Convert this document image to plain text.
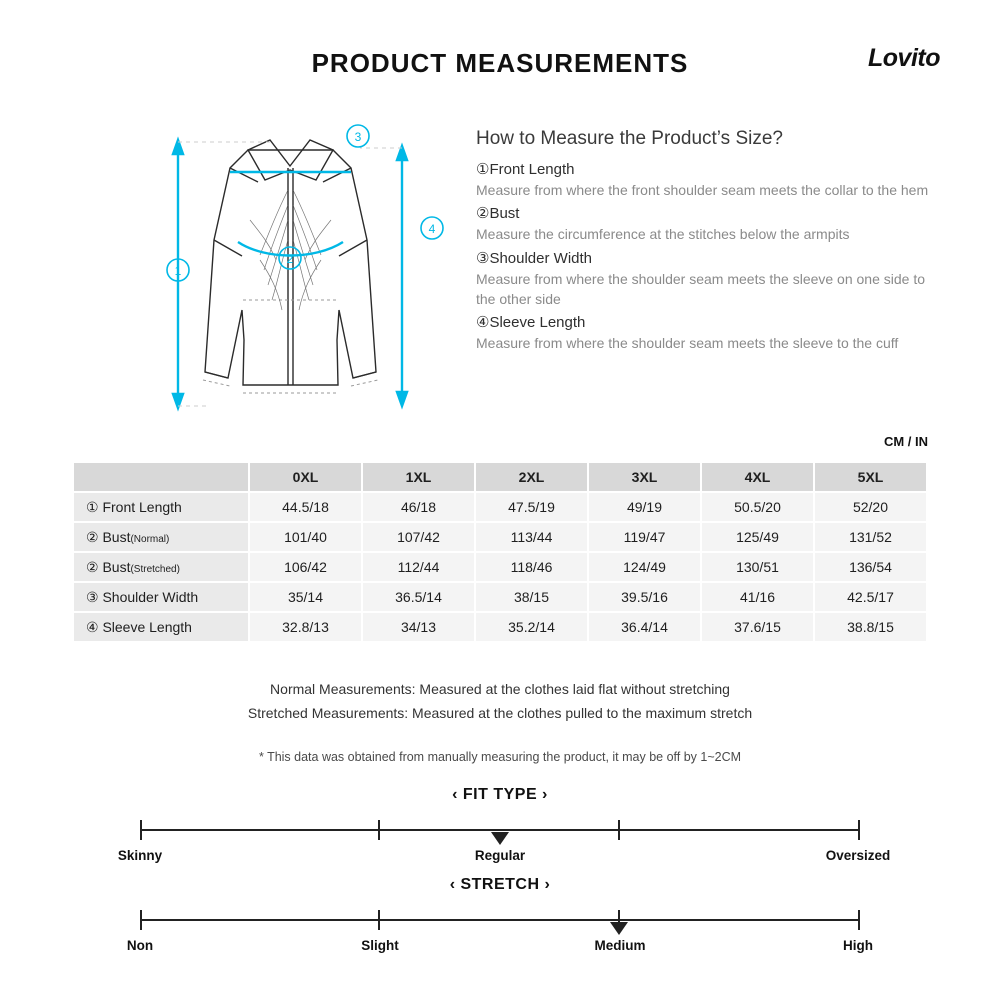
PRODUCT MEASUREMENTS	Lovito
1
2
3
4
How to Measure the Product’s Size?
①Front Length
Measure from where the front shoulder seam meets the collar to the hem
②Bust
Measure the circumference at the stitches below the armpits
③Shoulder Width
Measure from where the shoulder seam meets the sleeve on one side to the other side
④Sleeve Length
Measure from where the shoulder seam meets the sleeve to the cuff
CM / IN
	0XL	1XL	2XL	3XL	4XL	5XL
① Front Length	44.5/18	46/18	47.5/19	49/19	50.5/20	52/20
② Bust(Normal)	101/40	107/42	113/44	119/47	125/49	131/52
② Bust(Stretched)	106/42	112/44	118/46	124/49	130/51	136/54
③ Shoulder Width	35/14	36.5/14	38/15	39.5/16	41/16	42.5/17
④ Sleeve Length	32.8/13	34/13	35.2/14	36.4/14	37.6/15	38.8/15
Normal Measurements: Measured at the clothes laid flat without stretching
Stretched Measurements: Measured at the clothes pulled to the maximum stretch
* This data was obtained from manually measuring the product, it may be off by 1~2CM
‹ FIT TYPE ›
Skinny	Regular	Oversized
‹ STRETCH ›
Non	Slight	Medium	High
